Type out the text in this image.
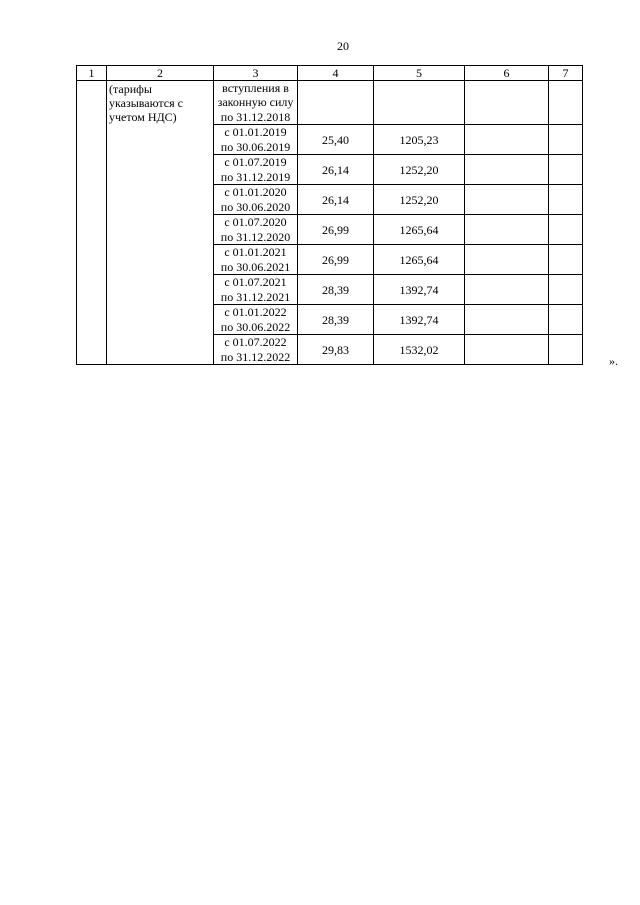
20
1	2	3	4	5	6	7
	(тарифы указываются с учетом НДС)	вступления в законную силу
по 31.12.2018				
		с 01.01.2019
по 30.06.2019	25,40	1205,23		
		с 01.07.2019
по 31.12.2019	26,14	1252,20		
		с 01.01.2020
по 30.06.2020	26,14	1252,20		
		с 01.07.2020
по 31.12.2020	26,99	1265,64		
		с 01.01.2021
по 30.06.2021	26,99	1265,64		
		с 01.07.2021
по 31.12.2021	28,39	1392,74		
		с 01.01.2022
по 30.06.2022	28,39	1392,74		
		с 01.07.2022
по 31.12.2022	29,83	1532,02		
».
